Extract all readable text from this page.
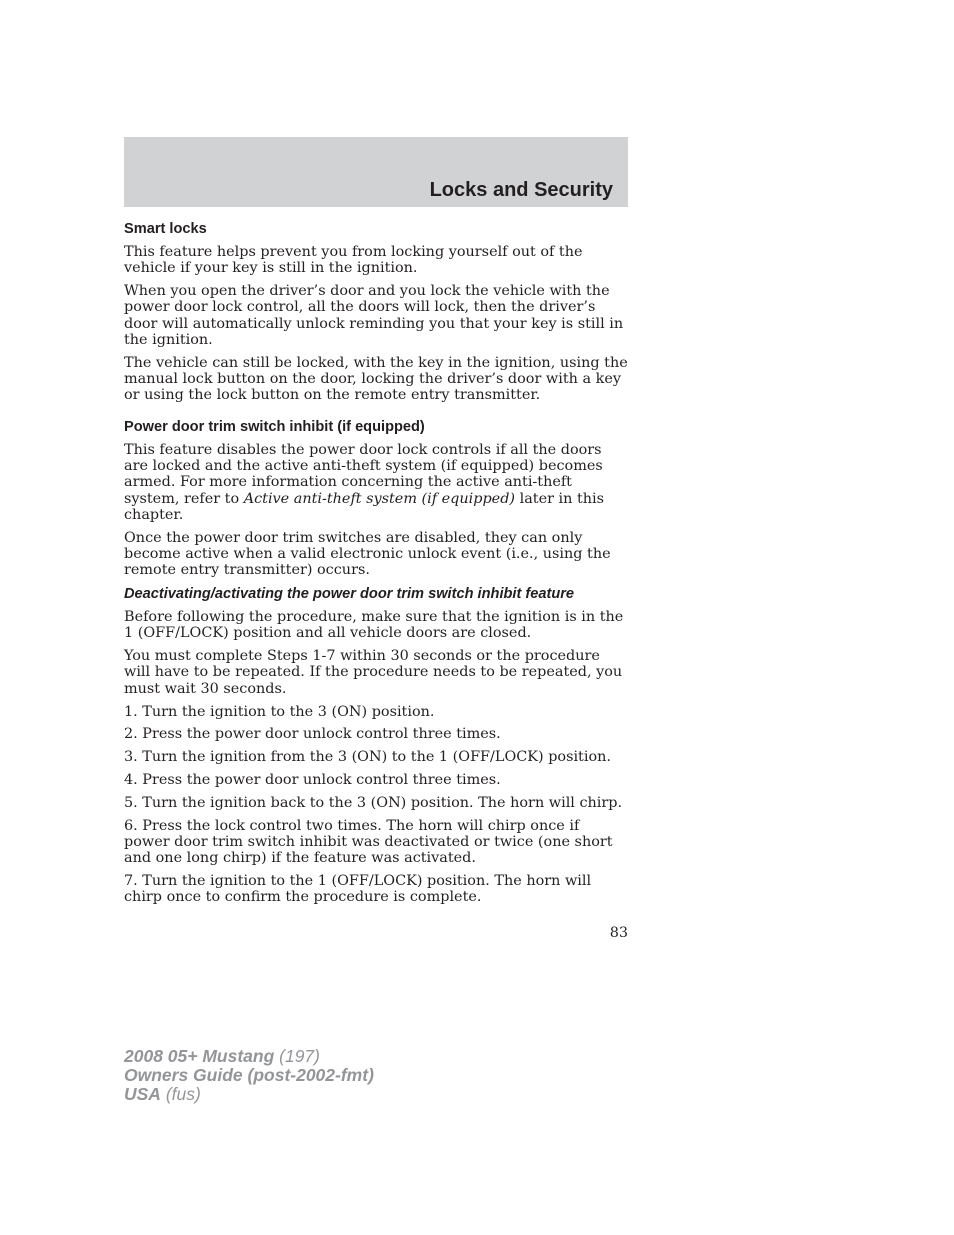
Locks and Security
Smart locks

This feature helps prevent you from locking yourself out of the vehicle if your key is still in the ignition.

When you open the driver’s door and you lock the vehicle with the power door lock control, all the doors will lock, then the driver’s door will automatically unlock reminding you that your key is still in the ignition.

The vehicle can still be locked, with the key in the ignition, using the manual lock button on the door, locking the driver’s door with a key or using the lock button on the remote entry transmitter.

Power door trim switch inhibit (if equipped)

This feature disables the power door lock controls if all the doors are locked and the active anti-theft system (if equipped) becomes armed. For more information concerning the active anti-theft system, refer to Active anti-theft system (if equipped) later in this chapter.

Once the power door trim switches are disabled, they can only become active when a valid electronic unlock event (i.e., using the remote entry transmitter) occurs.

Deactivating/activating the power door trim switch inhibit feature

Before following the procedure, make sure that the ignition is in the 1 (OFF/LOCK) position and all vehicle doors are closed.

You must complete Steps 1-7 within 30 seconds or the procedure will have to be repeated. If the procedure needs to be repeated, you must wait 30 seconds.

1. Turn the ignition to the 3 (ON) position.

2. Press the power door unlock control three times.

3. Turn the ignition from the 3 (ON) to the 1 (OFF/LOCK) position.

4. Press the power door unlock control three times.

5. Turn the ignition back to the 3 (ON) position. The horn will chirp.

6. Press the lock control two times. The horn will chirp once if power door trim switch inhibit was deactivated or twice (one short and one long chirp) if the feature was activated.

7. Turn the ignition to the 1 (OFF/LOCK) position. The horn will chirp once to confirm the procedure is complete.

83
2008 05+ Mustang (197)
Owners Guide (post-2002-fmt)
USA (fus)
